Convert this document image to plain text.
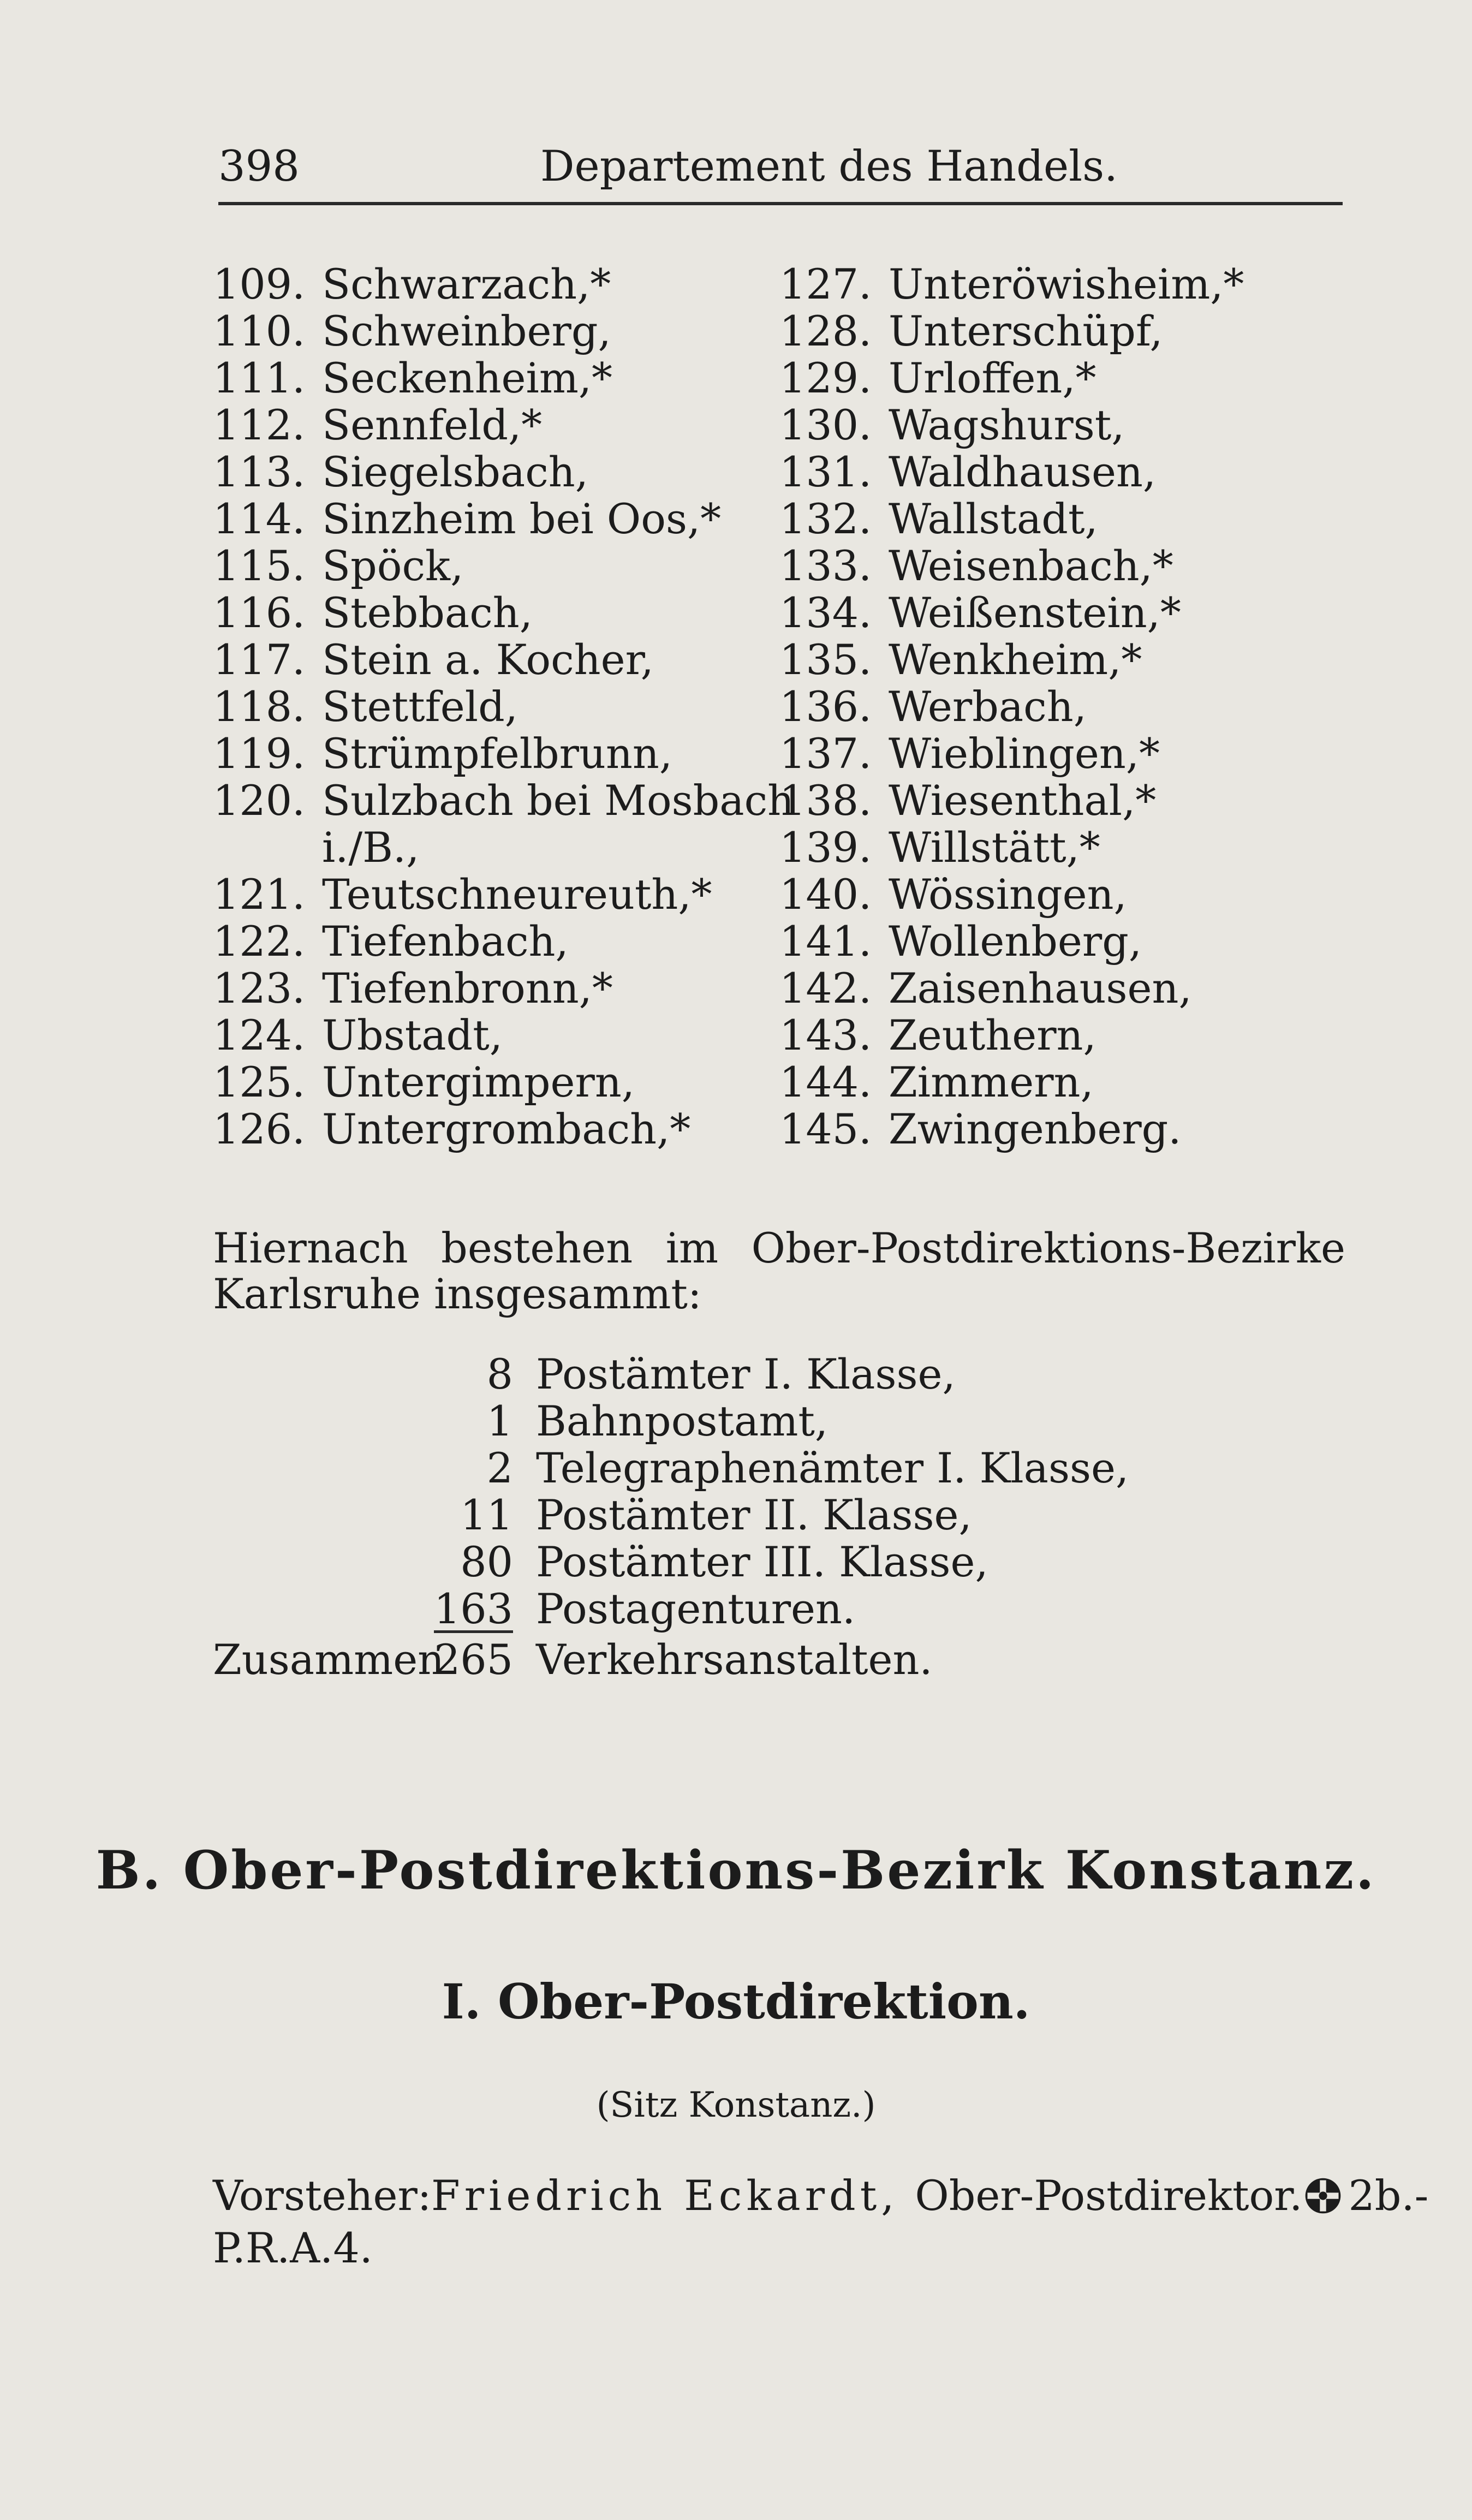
398	Departement des Handels.
109. Schwarzach,*
110. Schweinberg,
111. Seckenheim,*
112. Sennfeld,*
113. Siegelsbach,
114. Sinzheim bei Oos,*
115. Spöck,
116. Stebbach,
117. Stein a. Kocher,
118. Stettfeld,
119. Strümpfelbrunn,
120. Sulzbach bei Mosbach
i./B.,
121. Teutschneureuth,*
122. Tiefenbach,
123. Tiefenbronn,*
124. Ubstadt,
125. Untergimpern,
126. Untergrombach,*
127. Unteröwisheim,*
128. Unterschüpf,
129. Urloffen,*
130. Wagshurst,
131. Waldhausen,
132. Wallstadt,
133. Weisenbach,*
134. Weißenstein,*
135. Wenkheim,*
136. Werbach,
137. Wieblingen,*
138. Wiesenthal,*
139. Willstätt,*
140. Wössingen,
141. Wollenberg,
142. Zaisenhausen,
143. Zeuthern,
144. Zimmern,
145. Zwingenberg.
Hiernach bestehen im Ober-Postdirektions-Bezirke Karlsruhe insgesammt:
8 Postämter I. Klasse,
1 Bahnpostamt,
2 Telegraphenämter I. Klasse,
11 Postämter II. Klasse,
80 Postämter III. Klasse,
163 Postagenturen.
Zusammen
265 Verkehrsanstalten.
B. Ober-Postdirektions-Bezirk Konstanz.
I. Ober-Postdirektion.
(Sitz Konstanz.)
Vorsteher: Friedrich Eckardt, Ober-Postdirektor. 2b.-
P.R.A.4.
